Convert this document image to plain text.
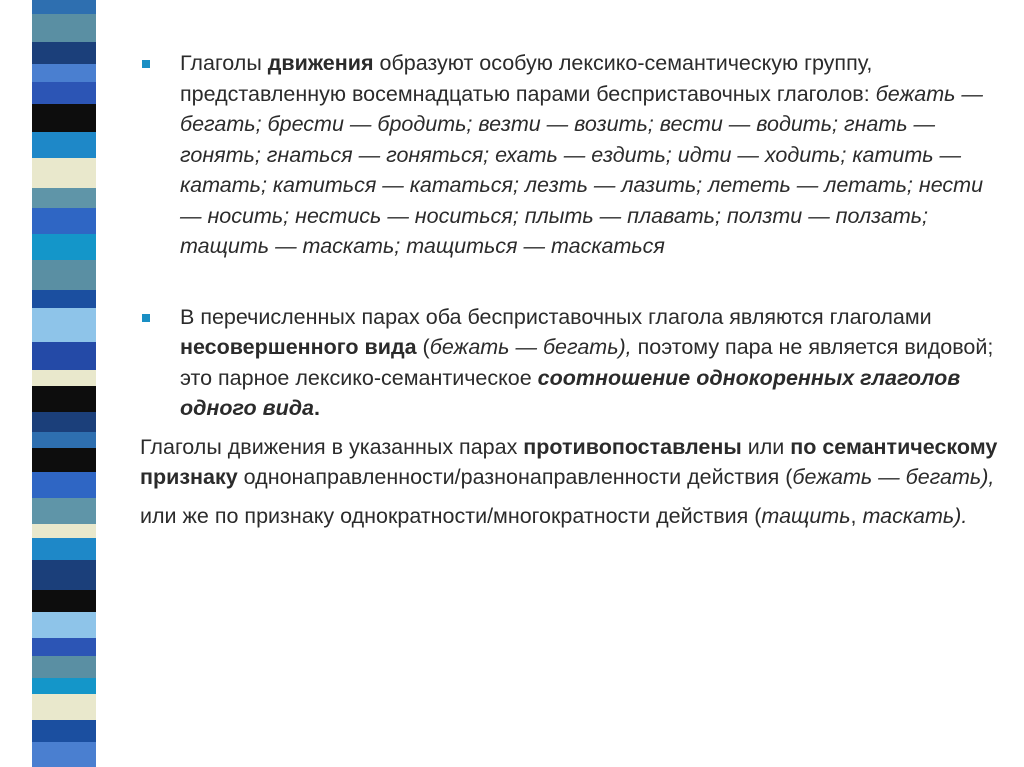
Глаголы движения образуют особую лексико-семантическую группу, представленную восемнадцатью парами бесприставочных глаголов: бежать — бегать; брести — бродить; везти — возить; вести — водить; гнать — гонять; гнаться — гоняться; ехать — ездить; идти — ходить; катить — катать; катиться — кататься; лезть — лазить; лететь — летать; нести — носить; нестись — носиться; плыть — плавать; ползти — ползать; тащить — таскать; тащиться — таскаться
В перечисленных парах оба бесприставочных глагола являются глаголами несовершенного вида (бежать — бегать), поэтому пара не является видовой; это парное лексико-семантическое соотношение однокоренных глаголов одного вида.
Глаголы движения в указанных парах противопоставлены или по семантическому признаку однонаправленности/разнонаправленности действия (бежать — бегать),
или же по признаку однократности/многократности действия (тащить, таскать).
